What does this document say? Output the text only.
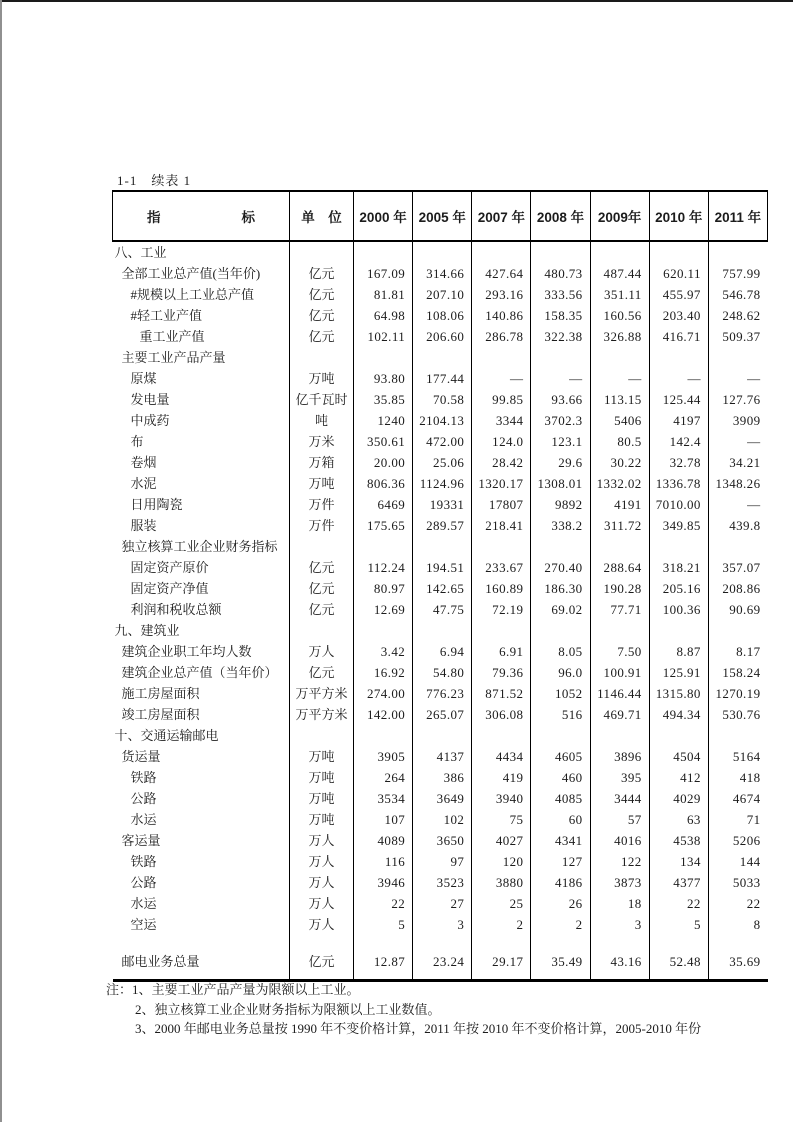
1-1　续表 1
指　　　　　　标	单　位	2000 年	2005 年	2007 年	2008 年	2009年	2010 年	2011 年
八、工业								
全部工业总产值(当年价)	亿元	167.09	314.66	427.64	480.73	487.44	620.11	757.99
#规模以上工业总产值	亿元	81.81	207.10	293.16	333.56	351.11	455.97	546.78
#轻工业产值	亿元	64.98	108.06	140.86	158.35	160.56	203.40	248.62
重工业产值	亿元	102.11	206.60	286.78	322.38	326.88	416.71	509.37
主要工业产品产量								
原煤	万吨	93.80	177.44	—	—	—	—	—
发电量	亿千瓦时	35.85	70.58	99.85	93.66	113.15	125.44	127.76
中成药	吨	1240	2104.13	3344	3702.3	5406	4197	3909
布	万米	350.61	472.00	124.0	123.1	80.5	142.4	—
卷烟	万箱	20.00	25.06	28.42	29.6	30.22	32.78	34.21
水泥	万吨	806.36	1124.96	1320.17	1308.01	1332.02	1336.78	1348.26
日用陶瓷	万件	6469	19331	17807	9892	4191	7010.00	—
服装	万件	175.65	289.57	218.41	338.2	311.72	349.85	439.8
独立核算工业企业财务指标								
固定资产原价	亿元	112.24	194.51	233.67	270.40	288.64	318.21	357.07
固定资产净值	亿元	80.97	142.65	160.89	186.30	190.28	205.16	208.86
利润和税收总额	亿元	12.69	47.75	72.19	69.02	77.71	100.36	90.69
九、建筑业								
建筑企业职工年均人数	万人	3.42	6.94	6.91	8.05	7.50	8.87	8.17
建筑企业总产值（当年价）	亿元	16.92	54.80	79.36	96.0	100.91	125.91	158.24
施工房屋面积	万平方米	274.00	776.23	871.52	1052	1146.44	1315.80	1270.19
竣工房屋面积	万平方米	142.00	265.07	306.08	516	469.71	494.34	530.76
十、交通运输邮电								
货运量	万吨	3905	4137	4434	4605	3896	4504	5164
铁路	万吨	264	386	419	460	395	412	418
公路	万吨	3534	3649	3940	4085	3444	4029	4674
水运	万吨	107	102	75	60	57	63	71
客运量	万人	4089	3650	4027	4341	4016	4538	5206
铁路	万人	116	97	120	127	122	134	144
公路	万人	3946	3523	3880	4186	3873	4377	5033
水运	万人	22	27	25	26	18	22	22
空运	万人	5	3	2	2	3	5	8

邮电业务总量	亿元	12.87	23.24	29.17	35.49	43.16	52.48	35.69
注：1、主要工业产品产量为限额以上工业。
2、独立核算工业企业财务指标为限额以上工业数值。
3、2000 年邮电业务总量按 1990 年不变价格计算，2011 年按 2010 年不变价格计算，2005-2010 年份
